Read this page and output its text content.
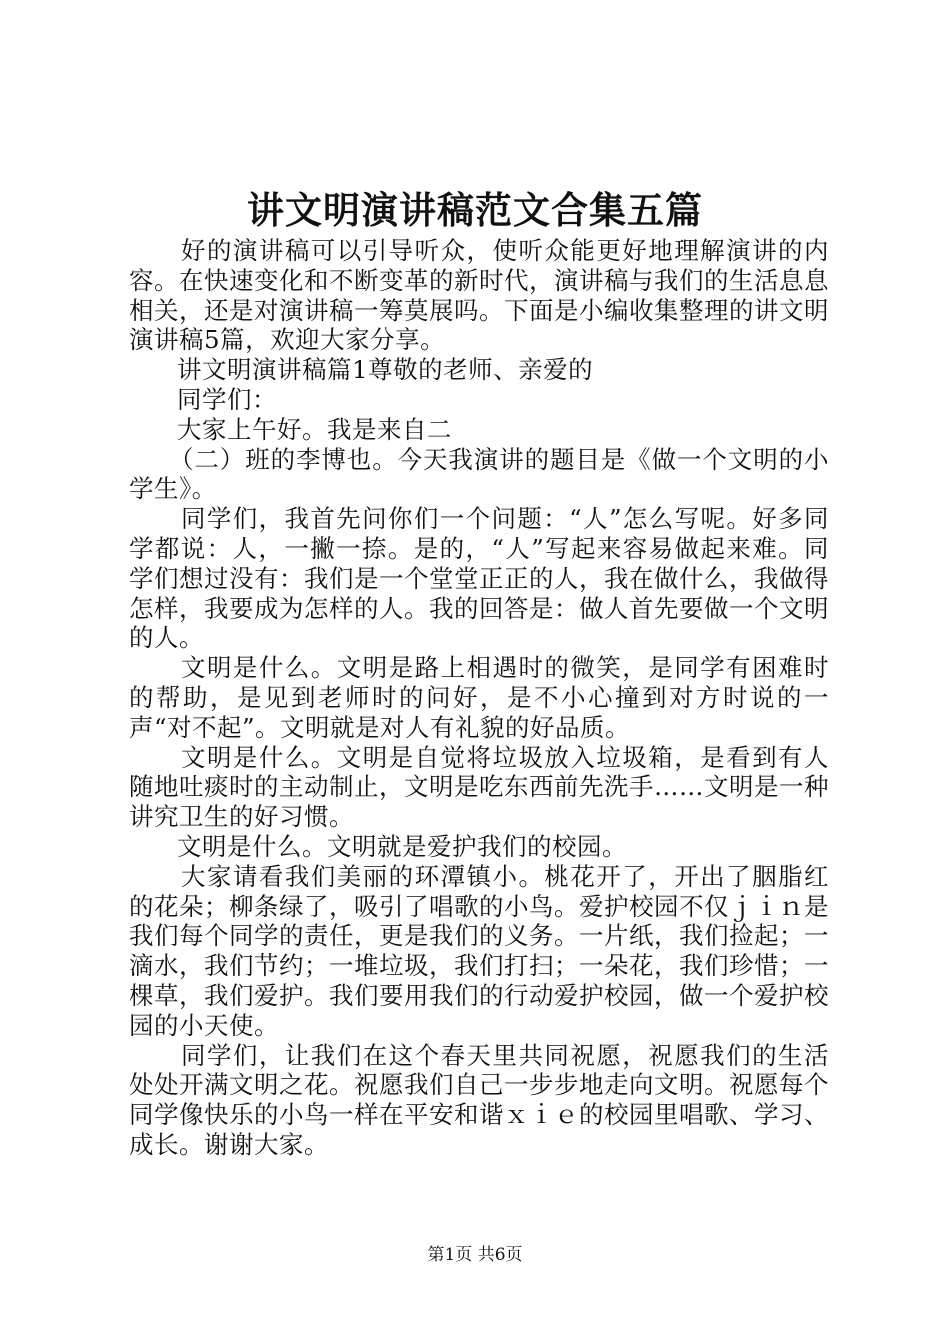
讲文明演讲稿范文合集五篇

好的演讲稿可以引导听众，使听众能更好地理解演讲的内容。在快速变化和不断变革的新时代，演讲稿与我们的生活息息相关，还是对演讲稿一筹莫展吗。下面是小编收集整理的讲文明演讲稿5篇，欢迎大家分享。

讲文明演讲稿篇1尊敬的老师、亲爱的

同学们：

大家上午好。我是来自二

（二）班的李博也。今天我演讲的题目是《做一个文明的小学生》。

同学们，我首先问你们一个问题：“人”怎么写呢。好多同学都说：人，一撇一捺。是的，“人”写起来容易做起来难。同学们想过没有：我们是一个堂堂正正的人，我在做什么，我做得怎样，我要成为怎样的人。我的回答是：做人首先要做一个文明的人。

文明是什么。文明是路上相遇时的微笑，是同学有困难时的帮助，是见到老师时的问好，是不小心撞到对方时说的一声“对不起”。文明就是对人有礼貌的好品质。

文明是什么。文明是自觉将垃圾放入垃圾箱，是看到有人随地吐痰时的主动制止，文明是吃东西前先洗手……文明是一种讲究卫生的好习惯。

文明是什么。文明就是爱护我们的校园。

大家请看我们美丽的环潭镇小。桃花开了，开出了胭脂红的花朵；柳条绿了，吸引了唱歌的小鸟。爱护校园不仅ｊｉｎ是我们每个同学的责任，更是我们的义务。一片纸，我们捡起；一滴水，我们节约；一堆垃圾，我们打扫；一朵花，我们珍惜；一棵草，我们爱护。我们要用我们的行动爱护校园，做一个爱护校园的小天使。

同学们，让我们在这个春天里共同祝愿，祝愿我们的生活处处开满文明之花。祝愿我们自己一步步地走向文明。祝愿每个同学像快乐的小鸟一样在平安和谐ｘｉｅ的校园里唱歌、学习、成长。谢谢大家。

第1页 共6页
